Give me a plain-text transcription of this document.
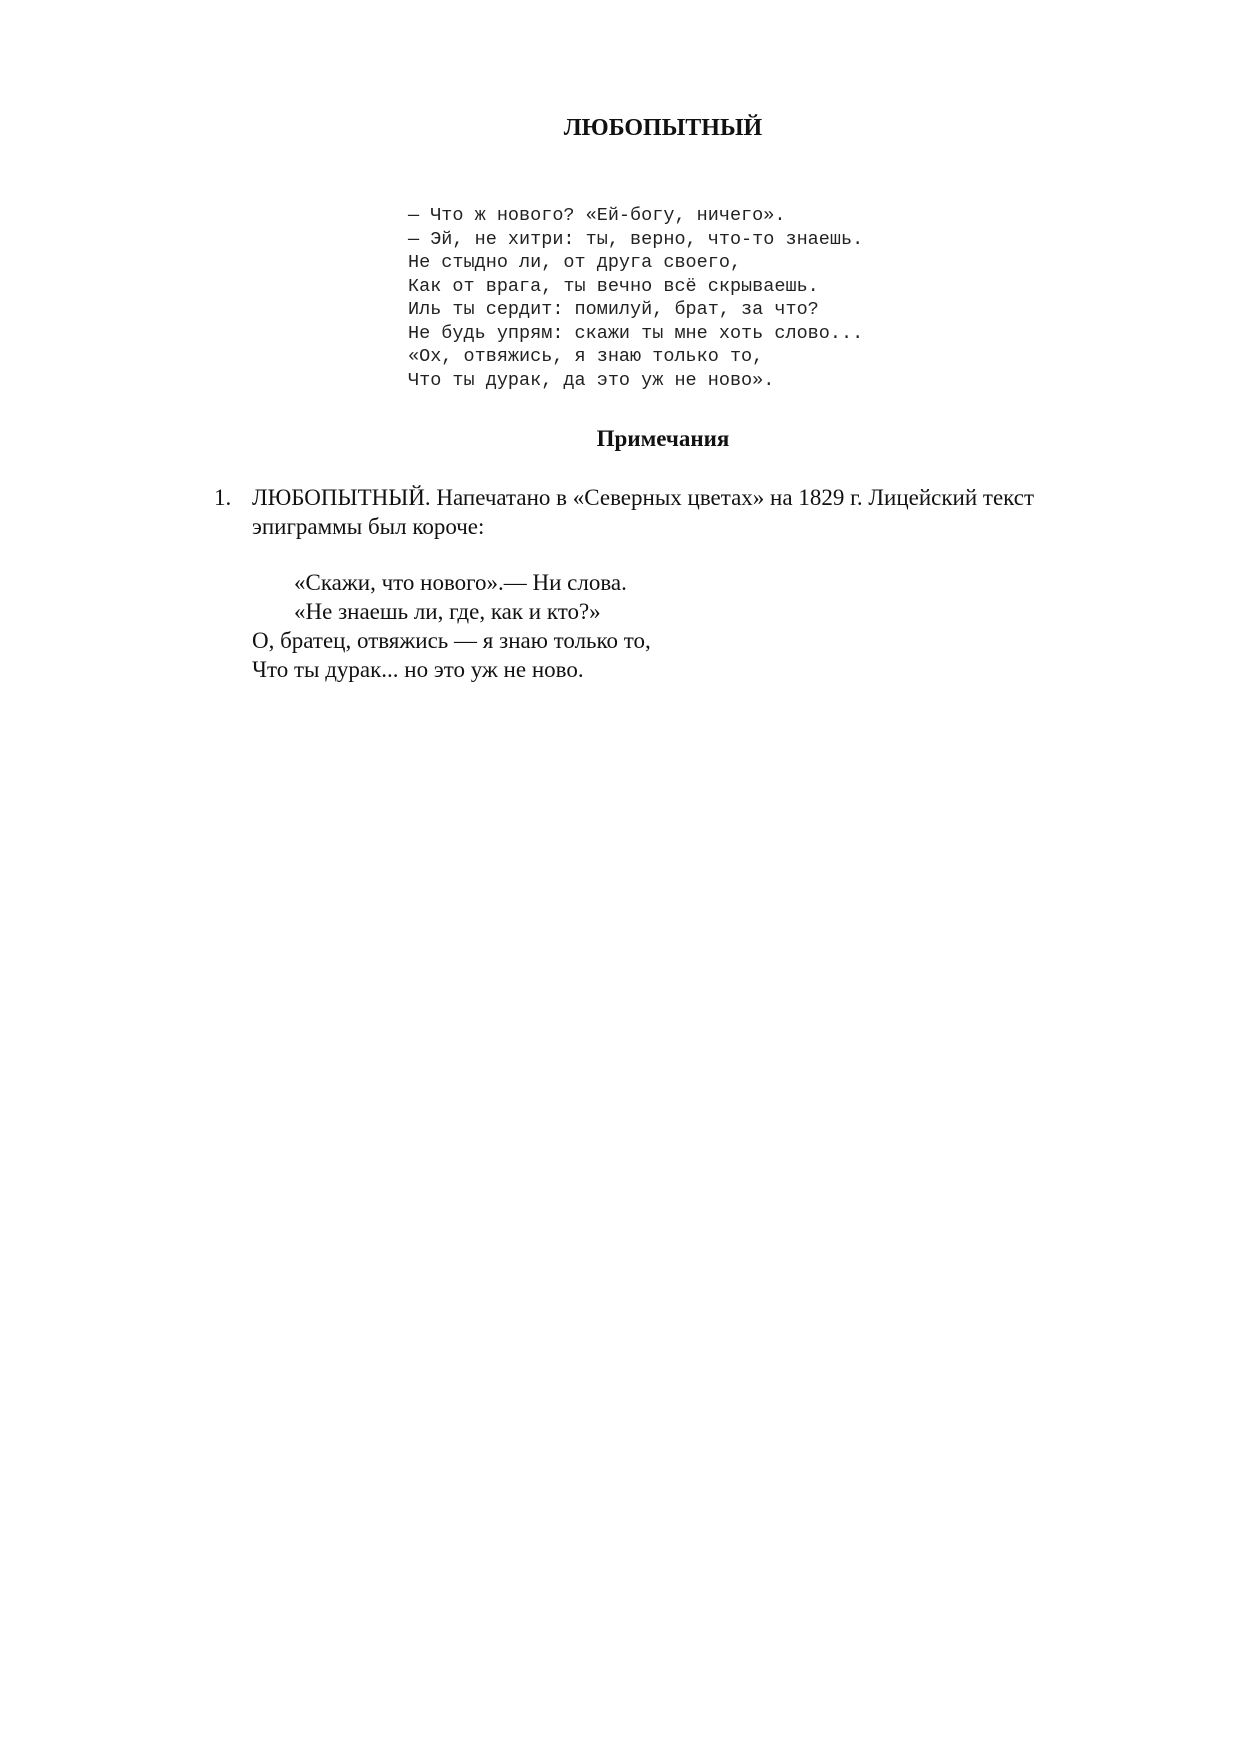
ЛЮБОПЫТНЫЙ
— Что ж нового? «Ей-богу, ничего».
— Эй, не хитри: ты, верно, что-то знаешь.
Не стыдно ли, от друга своего,
Как от врага, ты вечно всё скрываешь.
Иль ты сердит: помилуй, брат, за что?
Не будь упрям: скажи ты мне хоть слово...
«Ох, отвяжись, я знаю только то,
Что ты дурак, да это уж не ново».
Примечания
1. ЛЮБОПЫТНЫЙ. Напечатано в «Северных цветах» на 1829 г. Лицейский текст эпиграммы был короче:
«Скажи, что нового».— Ни слова.
«Не знаешь ли, где, как и кто?»
О, братец, отвяжись — я знаю только то,
Что ты дурак... но это уж не ново.
